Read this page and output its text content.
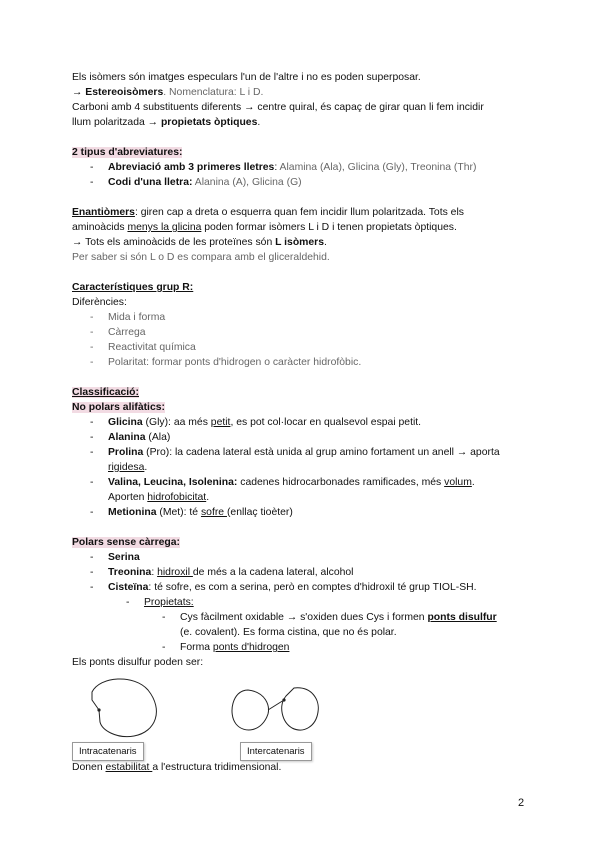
Els isòmers són imatges especulars l'un de l'altre i no es poden superposar.

→ Estereoisòmers. Nomenclatura: L i D.

Carboni amb 4 substituents diferents → centre quiral, és capaç de girar quan li fem incidir

llum polaritzada → propietats òptiques.

2 tipus d'abreviatures:

- Abreviació amb 3 primeres lletres: Alamina (Ala), Glicina (Gly), Treonina (Thr)
- Codi d'una lletra: Alanina (A), Glicina (G)

Enantiòmers: giren cap a dreta o esquerra quan fem incidir llum polaritzada. Tots els

aminoàcids menys la glicina poden formar isòmers L i D i tenen propietats òptiques.

→ Tots els aminoàcids de les proteïnes són L isòmers.

Per saber si són L o D es compara amb el gliceraldehid.

Característiques grup R:

Diferències:

- Mida i forma
- Càrrega
- Reactivitat química
- Polaritat: formar ponts d'hidrogen o caràcter hidrofòbic.

Classificació:

No polars alifàtics:

- Glicina (Gly): aa més petit, es pot col·locar en qualsevol espai petit.
- Alanina (Ala)
- Prolina (Pro): la cadena lateral està unida al grup amino fortament un anell → aporta
rigidesa.
- Valina, Leucina, Isolenina: cadenes hidrocarbonades ramificades, més volum.
Aporten hidrofobicitat.
- Metionina (Met): té sofre (enllaç tioèter)

Polars sense càrrega:

- Serina
- Treonina: hidroxil de més a la cadena lateral, alcohol
- Cisteïna: té sofre, es com a serina, però en comptes d'hidroxil té grup TIOL-SH.
- Propietats:
- Cys fàcilment oxidable → s'oxiden dues Cys i formen ponts disulfur
(e. covalent). Es forma cistina, que no és polar.
- Forma ponts d'hidrogen

Els ponts disulfur poden ser:

Intracatenaris	Intercatenaris

Donen estabilitat a l'estructura tridimensional.

2
